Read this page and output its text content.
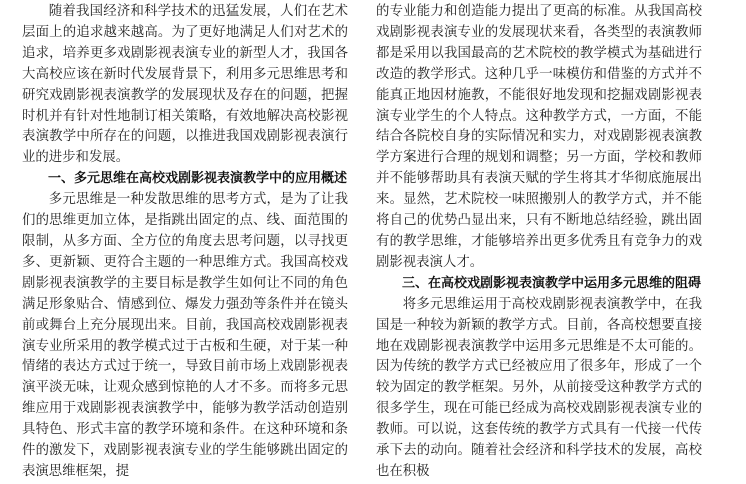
随着我国经济和科学技术的迅猛发展，人们在艺术层面上的追求越来越高。为了更好地满足人们对艺术的追求，培养更多戏剧影视表演专业的新型人才，我国各大高校应该在新时代发展背景下，利用多元思维思考和研究戏剧影视表演教学的发展现状及存在的问题，把握时机并有针对性地制订相关策略，有效地解决高校影视表演教学中所存在的问题，以推进我国戏剧影视表演行业的进步和发展。

一、多元思维在高校戏剧影视表演教学中的应用概述

多元思维是一种发散思维的思考方式，是为了让我们的思维更加立体，是指跳出固定的点、线、面范围的限制，从多方面、全方位的角度去思考问题，以寻找更多、更新颖、更符合主题的一种思维方式。我国高校戏剧影视表演教学的主要目标是教学生如何让不同的角色满足形象贴合、情感到位、爆发力强劲等条件并在镜头前或舞台上充分展现出来。目前，我国高校戏剧影视表演专业所采用的教学模式过于古板和生硬，对于某一种情绪的表达方式过于统一，导致目前市场上戏剧影视表演平淡无味，让观众感到惊艳的人才不多。而将多元思维应用于戏剧影视表演教学中，能够为教学活动创造别具特色、形式丰富的教学环境和条件。在这种环境和条件的激发下，戏剧影视表演专业的学生能够跳出固定的表演思维框架，提

的专业能力和创造能力提出了更高的标准。从我国高校戏剧影视表演专业的发展现状来看，各类型的表演教师都是采用以我国最高的艺术院校的教学模式为基础进行改造的教学形式。这种几乎一味模仿和借鉴的方式并不能真正地因材施教，不能很好地发现和挖掘戏剧影视表演专业学生的个人特点。这种教学方式，一方面，不能结合各院校自身的实际情况和实力，对戏剧影视表演教学方案进行合理的规划和调整；另一方面，学校和教师并不能够帮助具有表演天赋的学生将其才华彻底施展出来。显然，艺术院校一味照搬别人的教学方式，并不能将自己的优势凸显出来，只有不断地总结经验，跳出固有的教学思维，才能够培养出更多优秀且有竞争力的戏剧影视表演人才。

三、在高校戏剧影视表演教学中运用多元思维的阻碍

将多元思维运用于高校戏剧影视表演教学中，在我国是一种较为新颖的教学方式。目前，各高校想要直接地在戏剧影视表演教学中运用多元思维是不太可能的。因为传统的教学方式已经被应用了很多年，形成了一个较为固定的教学框架。另外，从前接受这种教学方式的很多学生，现在可能已经成为高校戏剧影视表演专业的教师。可以说，这套传统的教学方式具有一代接一代传承下去的动向。随着社会经济和科学技术的发展，高校也在积极
